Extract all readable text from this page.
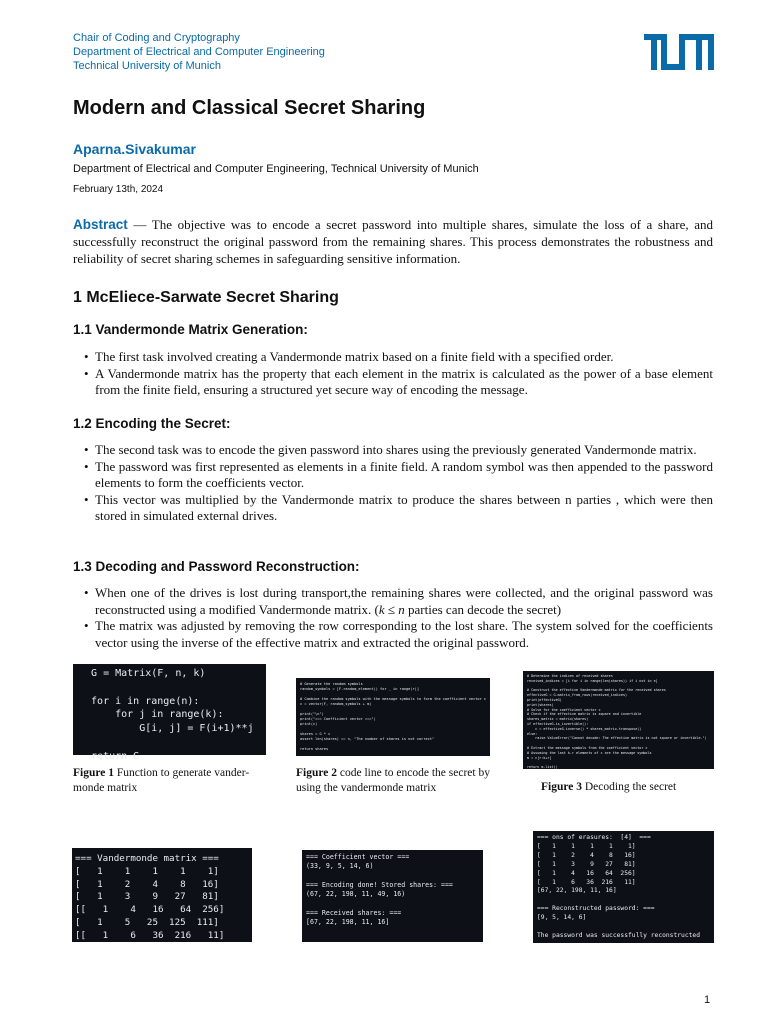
Chair of Coding and Cryptography
Department of Electrical and Computer Engineering
Technical University of Munich
Modern and Classical Secret Sharing
Aparna.Sivakumar
Department of Electrical and Computer Engineering, Technical University of Munich
February 13th, 2024
Abstract — The objective was to encode a secret password into multiple shares, simulate the loss of a share, and successfully reconstruct the original password from the remaining shares. This process demonstrates the robustness and reliability of secret sharing schemes in safeguarding sensitive information.
1 McEliece-Sarwate Secret Sharing
1.1 Vandermonde Matrix Generation:
• The first task involved creating a Vandermonde matrix based on a finite field with a specified order.
• A Vandermonde matrix has the property that each element in the matrix is calculated as the power of a base element from the finite field, ensuring a structured yet secure way of encoding the message.
1.2 Encoding the Secret:
• The second task was to encode the given password into shares using the previously generated Vandermonde matrix.
• The password was first represented as elements in a finite field. A random symbol was then appended to the password elements to form the coefficients vector.
• This vector was multiplied by the Vandermonde matrix to produce the shares between n parties , which were then stored in simulated external drives.
1.3 Decoding and Password Reconstruction:
• When one of the drives is lost during transport,the remaining shares were collected, and the original password was reconstructed using a modified Vandermonde matrix. (k ≤ n parties can decode the secret)
• The matrix was adjusted by removing the row corresponding to the lost share. The system solved for the coefficients vector using the inverse of the effective matrix and extracted the original password.
G = Matrix(F, n, k)

for i in range(n):
for j in range(k):
G[i, j] = F(i+1)**j

return G
Figure 1 Function to generate vander-monde matrix
# Generate the random symbols
random_symbols = [F.random_element() for _ in range(r)]

# Combine the random symbols with the message symbols to form the coefficient vector c
c = vector(F, random_symbols + m)

print("\n")
print("=== Coefficient vector ===")
print(c)

shares = G * c
assert len(shares) == n, "The number of shares is not correct"

return shares
Figure 2 code line to encode the secret by using the vandermonde matrix
# Determine the indices of received shares
received_indices = [i for i in range(len(shares)) if i not in e]

# Construct the effective Vandermonde matrix for the received shares
effectiveG = G.matrix_from_rows(received_indices)
print(effectiveG)
print(shares)
# Solve for the coefficient vector c
# Check if the effective matrix is square and invertible
shares_matrix = matrix(shares)
if effectiveG.is_invertible():
c = effectiveG.inverse() * shares_matrix.transpose()
else:
raise ValueError("Cannot decode: The effective matrix is not square or invertible.")

# Extract the message symbols from the coefficient vector c
# Assuming the last k-r elements of c are the message symbols
m = c[r:k+r]

return m.list()
Figure 3 Decoding the secret
=== Vandermonde matrix ===
[   1    1    1    1    1]
[   1    2    4    8   16]
[   1    3    9   27   81]
[[   1    4   16   64  256]
[   1    5   25  125  111]
[[   1    6   36  216   11]
=== Coefficient vector ===
(33, 9, 5, 14, 6)

=== Encoding done! Stored shares: ===
(67, 22, 198, 11, 49, 16)

=== Received shares: ===
[67, 22, 198, 11, 16]
=== ons of erasures:  [4]  ===
[   1    1    1    1    1]
[   1    2    4    8   16]
[   1    3    9   27   81]
[   1    4   16   64  256]
[   1    6   36  216   11]
[67, 22, 198, 11, 16]

=== Reconstructed password: ===
[9, 5, 14, 6]

The password was successfully reconstructed
1
